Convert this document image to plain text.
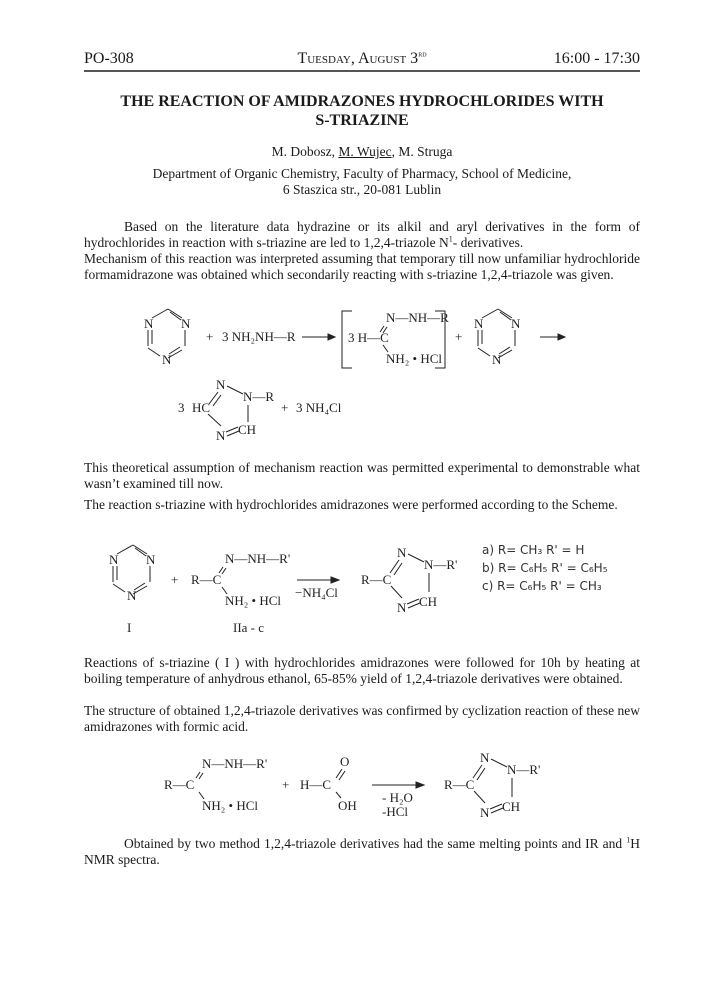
PO-308	Tuesday, August 3rd	16:00 - 17:30
THE REACTION OF AMIDRAZONES HYDROCHLORIDES WITH
S-TRIAZINE
M. Dobosz, M. Wujec, M. Struga
Department of Organic Chemistry, Faculty of Pharmacy, School of Medicine,
6 Staszica str., 20-081 Lublin
Based on the literature data hydrazine or its alkil and aryl derivatives in the form of hydrochlorides in reaction with s-triazine are led to 1,2,4-triazole $N^1-$ derivatives.
Mechanism of this reaction was interpreted assuming that temporary till now unfamiliar hydrochloride formamidrazone was obtained which secondarily reacting with s-triazine 1,2,4-triazole was given.
N N
N
+ 3 NH₂NH—R	3 H—C
N—NH—R
NH₂ • HCl
+
N N
N
3 HC
N
N—R
N CH
+ 3 NH₄Cl
This theoretical assumption of mechanism reaction was permitted experimental to demonstrable what wasn’t examined till now.
The reaction s-triazine with hydrochlorides amidrazones were performed according to the Scheme.
N N
N
I
+ R—C
N—NH—R'
NH₂ • HCl
IIa - c
−NH₄Cl
R—C
N
N—R'
N CH
a) R= CH₃ R' = H
b) R= C₆H₅ R' = C₆H₅
c) R= C₆H₅ R' = CH₃
Reactions of s-triazine ( I ) with hydrochlorides amidrazones were followed for 10h by heating at boiling temperature of anhydrous ethanol, 65-85% yield of 1,2,4-triazole derivatives were obtained.
The structure of obtained 1,2,4-triazole derivatives was confirmed by cyclization reaction of these new amidrazones with formic acid.
R—C
N—NH—R'
NH₂ • HCl
+ H—C
O
OH
- H₂O
-HCl
R—C
N
N—R'
N CH
Obtained by two method 1,2,4-triazole derivatives had the same melting points and IR and $^1$H NMR spectra.
